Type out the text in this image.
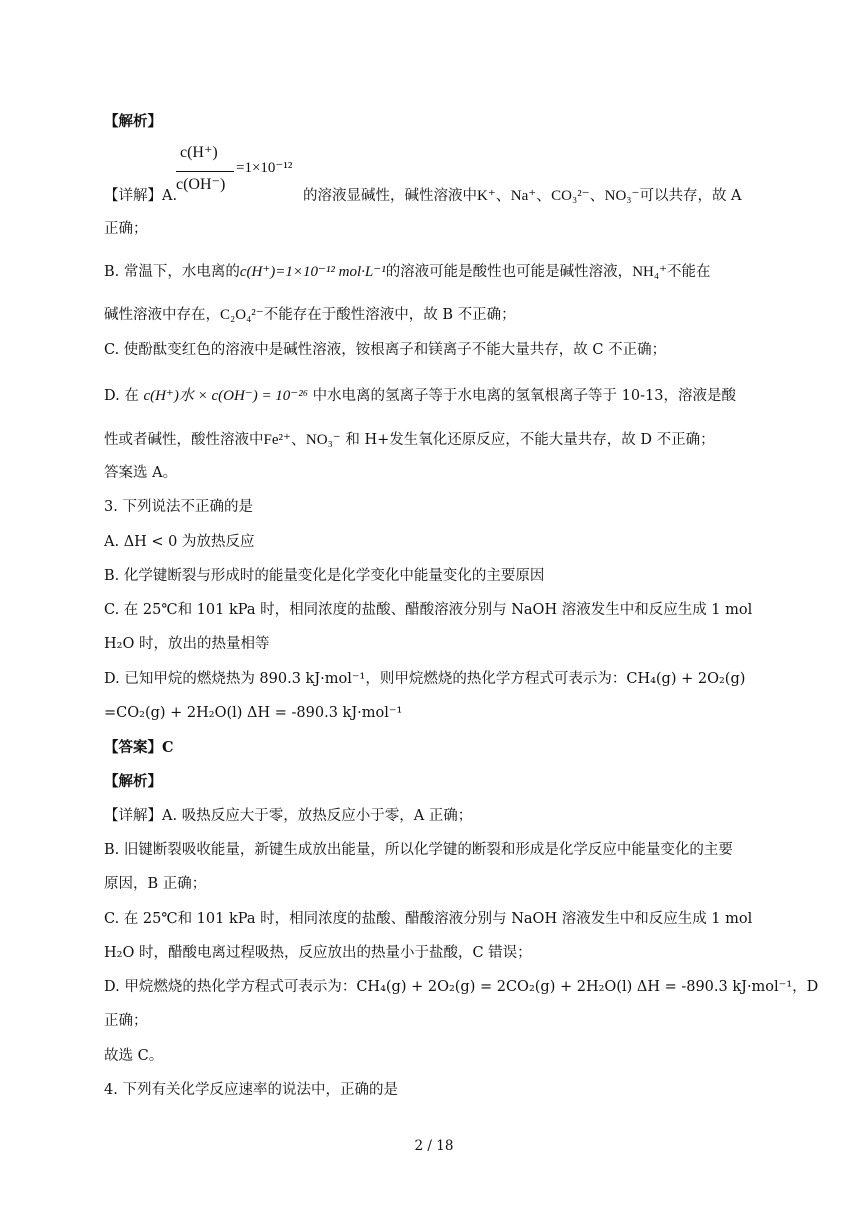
【解析】
c(H⁺)
c(OH⁻)
=1×10⁻¹²
【详解】A.	的溶液显碱性，碱性溶液中K⁺、Na⁺、CO₃²⁻、NO₃⁻可以共存，故 A
正确；
B. 常温下，水电离的c(H⁺)=1×10⁻¹² mol·L⁻¹的溶液可能是酸性也可能是碱性溶液，NH₄⁺不能在
碱性溶液中存在，C₂O₄²⁻不能存在于酸性溶液中，故 B 不正确；
C. 使酚酞变红色的溶液中是碱性溶液，铵根离子和镁离子不能大量共存，故 C 不正确；
D. 在 c(H⁺)水 × c(OH⁻) = 10⁻²⁶ 中水电离的氢离子等于水电离的氢氧根离子等于 10-13，溶液是酸
性或者碱性，酸性溶液中Fe²⁺、NO₃⁻ 和 H+发生氧化还原反应，不能大量共存，故 D 不正确；
答案选 A。
3. 下列说法不正确的是
A. ΔH < 0 为放热反应
B. 化学键断裂与形成时的能量变化是化学变化中能量变化的主要原因
C. 在 25℃和 101 kPa 时，相同浓度的盐酸、醋酸溶液分别与 NaOH 溶液发生中和反应生成 1 mol
H₂O 时，放出的热量相等
D. 已知甲烷的燃烧热为 890.3 kJ·mol⁻¹，则甲烷燃烧的热化学方程式可表示为：CH₄(g) + 2O₂(g)
=CO₂(g) + 2H₂O(l) ΔH = -890.3 kJ·mol⁻¹
【答案】C
【解析】
【详解】A. 吸热反应大于零，放热反应小于零，A 正确；
B. 旧键断裂吸收能量，新键生成放出能量，所以化学键的断裂和形成是化学反应中能量变化的主要
原因，B 正确；
C. 在 25℃和 101 kPa 时，相同浓度的盐酸、醋酸溶液分别与 NaOH 溶液发生中和反应生成 1 mol
H₂O 时，醋酸电离过程吸热，反应放出的热量小于盐酸，C 错误；
D. 甲烷燃烧的热化学方程式可表示为：CH₄(g) + 2O₂(g) = 2CO₂(g) + 2H₂O(l) ΔH = -890.3 kJ·mol⁻¹，D
正确；
故选 C。
4. 下列有关化学反应速率的说法中，正确的是
2 / 18
